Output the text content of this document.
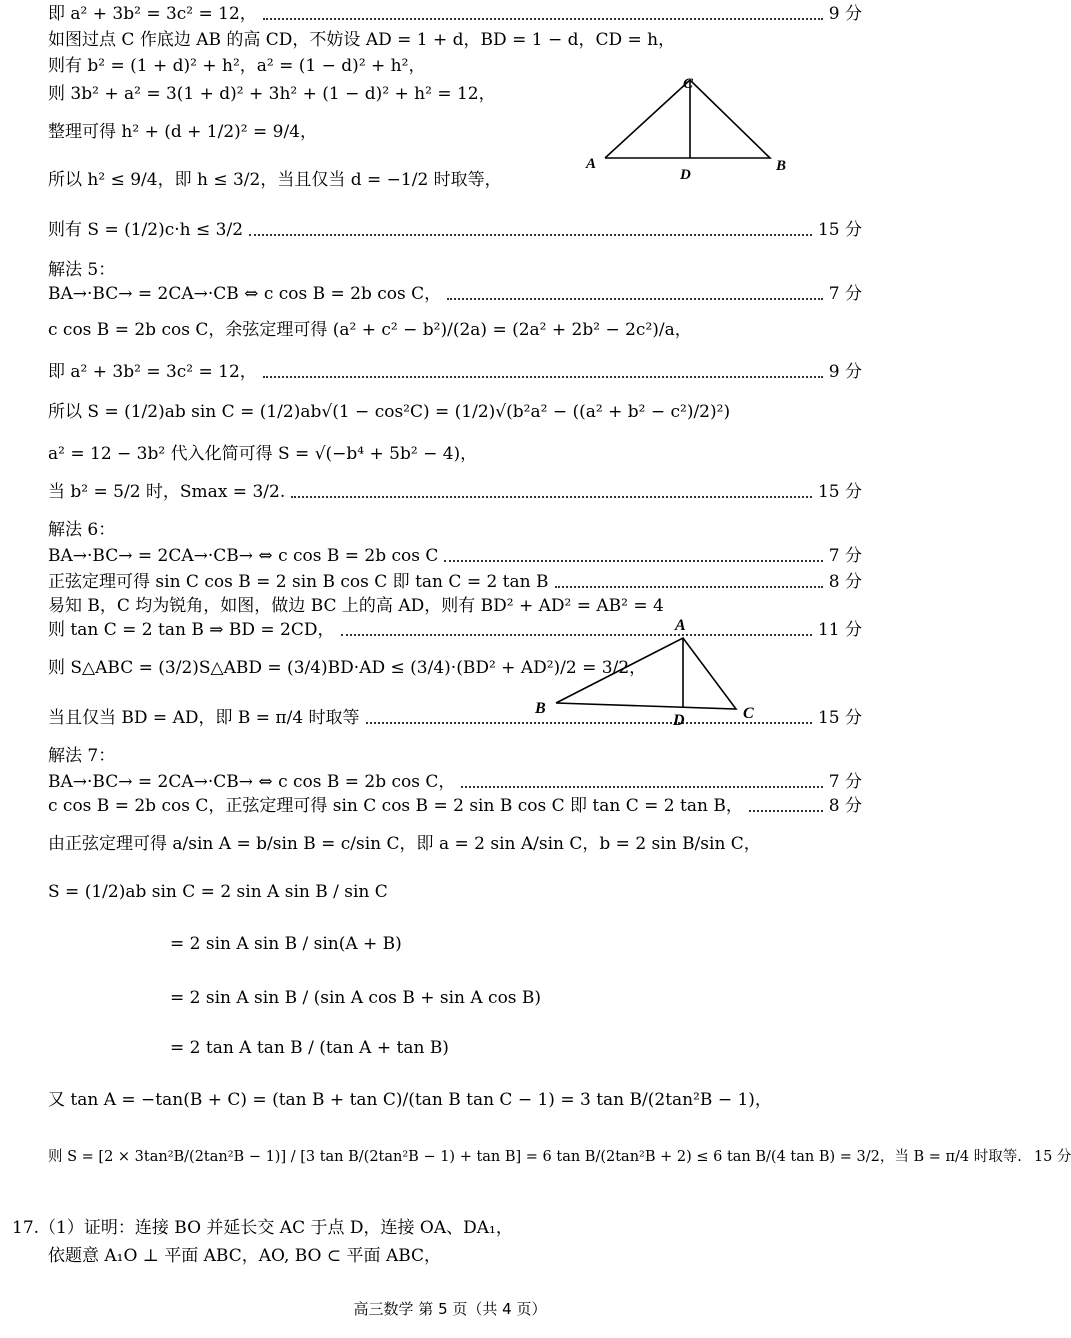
即 a² + 3b² = 3c² = 12，	9 分
如图过点 C 作底边 AB 的高 CD，不妨设 AD = 1 + d，BD = 1 − d，CD = h，
则有 b² = (1 + d)² + h²，a² = (1 − d)² + h²，
则 3b² + a² = 3(1 + d)² + 3h² + (1 − d)² + h² = 12，
整理可得 h² + (d + 1/2)² = 9/4，
所以 h² ≤ 9/4，即 h ≤ 3/2，当且仅当 d = −1/2 时取等，
则有 S = (1/2)c·h ≤ 3/2	15 分
解法 5：
BA→·BC→ = 2CA→·CB ⇔ c cos B = 2b cos C，	7 分
c cos B = 2b cos C，余弦定理可得 (a² + c² − b²)/(2a) = (2a² + 2b² − 2c²)/a，
即 a² + 3b² = 3c² = 12，	9 分
所以 S = (1/2)ab sin C = (1/2)ab√(1 − cos²C) = (1/2)√(b²a² − ((a² + b² − c²)/2)²)
a² = 12 − 3b² 代入化简可得 S = √(−b⁴ + 5b² − 4)，
当 b² = 5/2 时，Smax = 3/2.	15 分
解法 6：
BA→·BC→ = 2CA→·CB→ ⇔ c cos B = 2b cos C	7 分
正弦定理可得 sin C cos B = 2 sin B cos C 即 tan C = 2 tan B	8 分
易知 B，C 均为锐角，如图，做边 BC 上的高 AD，则有 BD² + AD² = AB² = 4
则 tan C = 2 tan B ⇒ BD = 2CD，	11 分
则 S△ABC = (3/2)S△ABD = (3/4)BD·AD ≤ (3/4)·(BD² + AD²)/2 = 3/2，
当且仅当 BD = AD，即 B = π/4 时取等	15 分
解法 7：
BA→·BC→ = 2CA→·CB→ ⇔ c cos B = 2b cos C，	7 分
c cos B = 2b cos C，正弦定理可得 sin C cos B = 2 sin B cos C 即 tan C = 2 tan B，	8 分
由正弦定理可得 a/sin A = b/sin B = c/sin C，即 a = 2 sin A/sin C，b = 2 sin B/sin C，
S = (1/2)ab sin C = 2 sin A sin B / sin C
= 2 sin A sin B / sin(A + B)
= 2 sin A sin B / (sin A cos B + sin A cos B)
= 2 tan A tan B / (tan A + tan B)
又 tan A = −tan(B + C) = (tan B + tan C)/(tan B tan C − 1) = 3 tan B/(2tan²B − 1)，
则 S = [2 × 3tan²B/(2tan²B − 1)] / [3 tan B/(2tan²B − 1) + tan B] = 6 tan B/(2tan²B + 2) ≤ 6 tan B/(4 tan B) = 3/2，当 B = π/4 时取等. 15 分
17.（1）证明：连接 BO 并延长交 AC 于点 D，连接 OA、DA₁，
依题意 A₁O ⊥ 平面 ABC，AO, BO ⊂ 平面 ABC，
A
C
B
D
A
B	C
D
高三数学 第 5 页（共 4 页）
